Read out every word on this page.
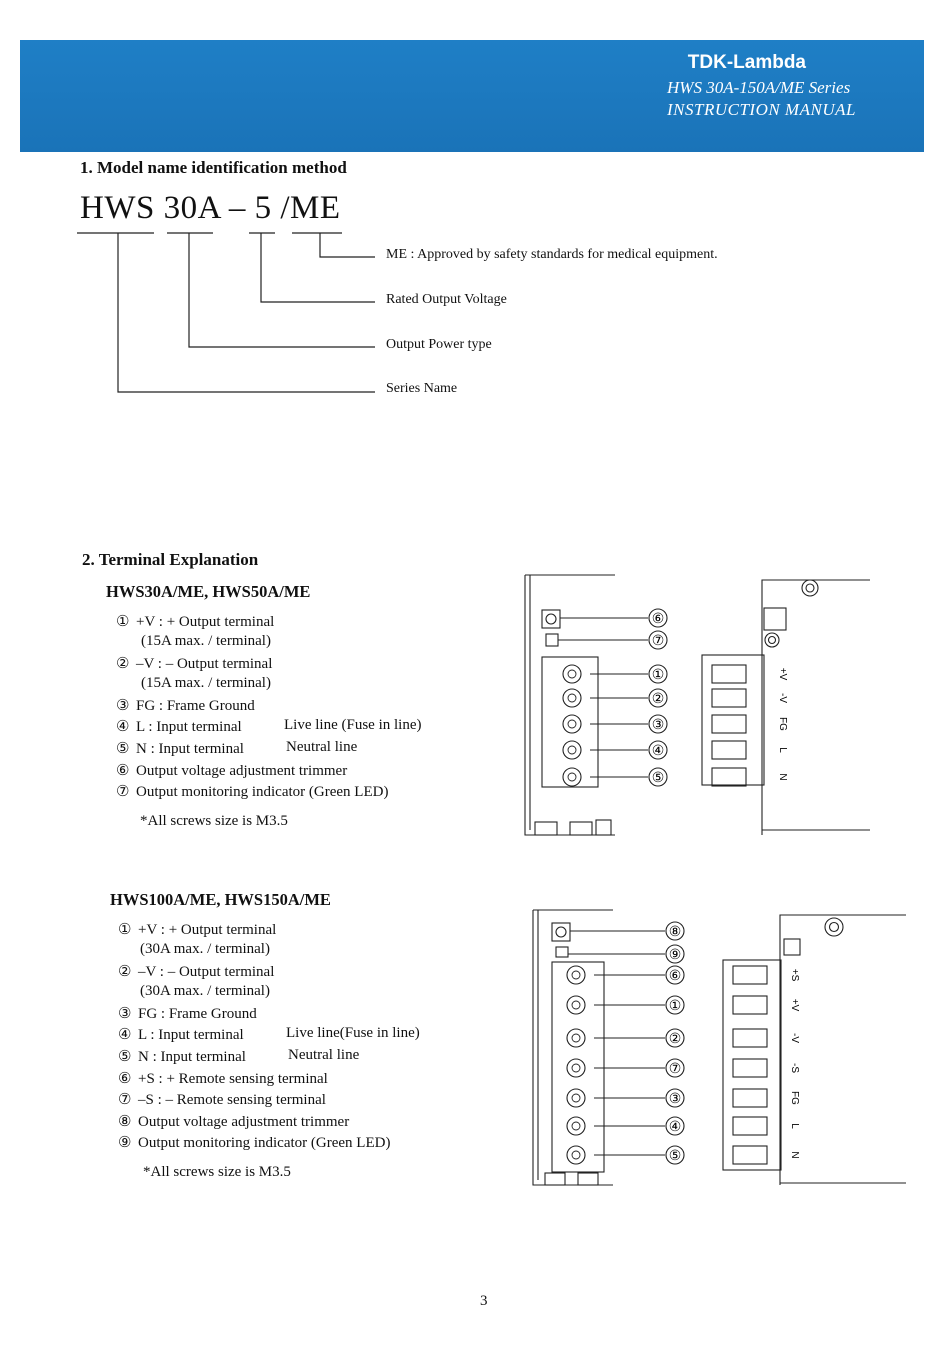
TDK-Lambda
HWS 30A-150A/ME Series
INSTRUCTION MANUAL
1. Model name identification method
HWS 30A – 5 /ME
ME : Approved by safety standards for medical equipment.
Rated Output Voltage
Output Power type
Series Name
2. Terminal Explanation
HWS30A/ME, HWS50A/ME
① +V : + Output terminal
(15A max. / terminal)
② –V : – Output terminal
(15A max. / terminal)
③ FG : Frame Ground
④ L : Input terminal	Live line (Fuse in line)
⑤ N : Input terminal	Neutral line
⑥ Output voltage adjustment trimmer
⑦ Output monitoring indicator (Green LED)
*All screws size is M3.5
⑥
⑦
①
②
③
④
⑤
+V
-V
FG
L
N
HWS100A/ME, HWS150A/ME
① +V : + Output terminal
(30A max. / terminal)
② –V : – Output terminal
(30A max. / terminal)
③ FG : Frame Ground
④ L : Input terminal	Live line(Fuse in line)
⑤ N : Input terminal	Neutral line
⑥ +S : + Remote sensing terminal
⑦ –S : – Remote sensing terminal
⑧ Output voltage adjustment trimmer
⑨ Output monitoring indicator (Green LED)
*All screws size is M3.5
⑧
⑨
⑥
①
②
⑦
③
④
⑤
+S
+V
-V
-S
FG
L
N
3
